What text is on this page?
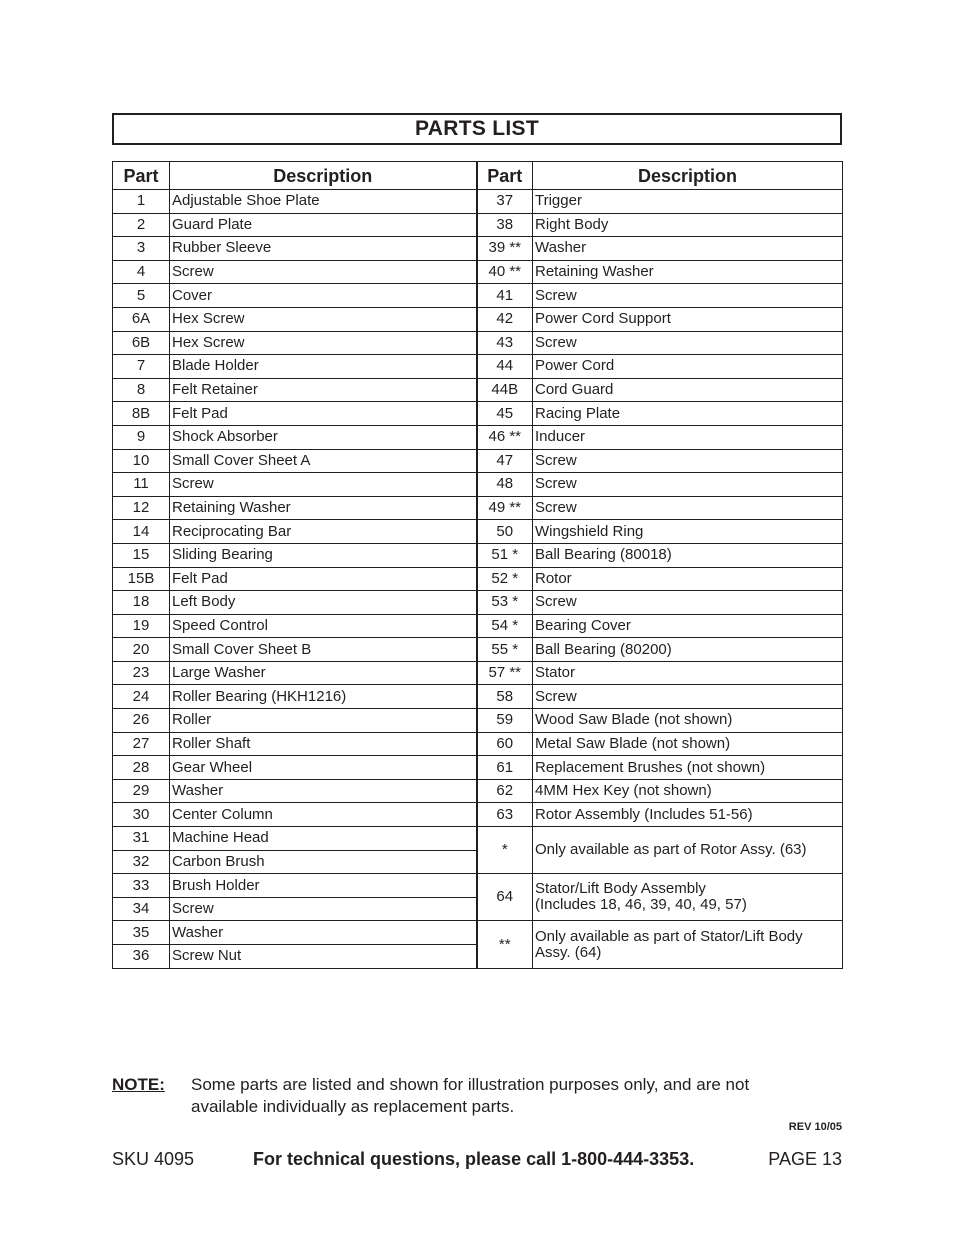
PARTS LIST
Part	Description	Part	Description
1	Adjustable Shoe Plate	37	Trigger
2	Guard Plate	38	Right Body
3	Rubber Sleeve	39 **	Washer
4	Screw	40 **	Retaining Washer
5	Cover	41	Screw
6A	Hex Screw	42	Power Cord Support
6B	Hex Screw	43	Screw
7	Blade Holder	44	Power Cord
8	Felt Retainer	44B	Cord Guard
8B	Felt Pad	45	Racing Plate
9	Shock Absorber	46 **	Inducer
10	Small Cover Sheet A	47	Screw
11	Screw	48	Screw
12	Retaining Washer	49 **	Screw
14	Reciprocating Bar	50	Wingshield Ring
15	Sliding Bearing	51 *	Ball Bearing (80018)
15B	Felt Pad	52 *	Rotor
18	Left Body	53 *	Screw
19	Speed Control	54 *	Bearing Cover
20	Small Cover Sheet B	55 *	Ball Bearing (80200)
23	Large Washer	57 **	Stator
24	Roller Bearing (HKH1216)	58	Screw
26	Roller	59	Wood Saw Blade (not shown)
27	Roller Shaft	60	Metal Saw Blade (not shown)
28	Gear Wheel	61	Replacement Brushes (not shown)
29	Washer	62	4MM Hex Key (not shown)
30	Center Column	63	Rotor Assembly (Includes 51-56)
31	Machine Head	*	Only available as part of Rotor Assy. (63)

32	Carbon Brush		
33	Brush Holder	64	Stator/Lift Body Assembly
(Includes 18, 46, 39, 40, 49, 57)

34	Screw		
35	Washer	**	Only available as part of Stator/Lift Body
Assy. (64)

36	Screw Nut		
NOTE: Some parts are listed and shown for illustration purposes only, and are not available individually as replacement parts.
REV 10/05
SKU 4095	For technical questions, please call 1-800-444-3353.	PAGE 13
